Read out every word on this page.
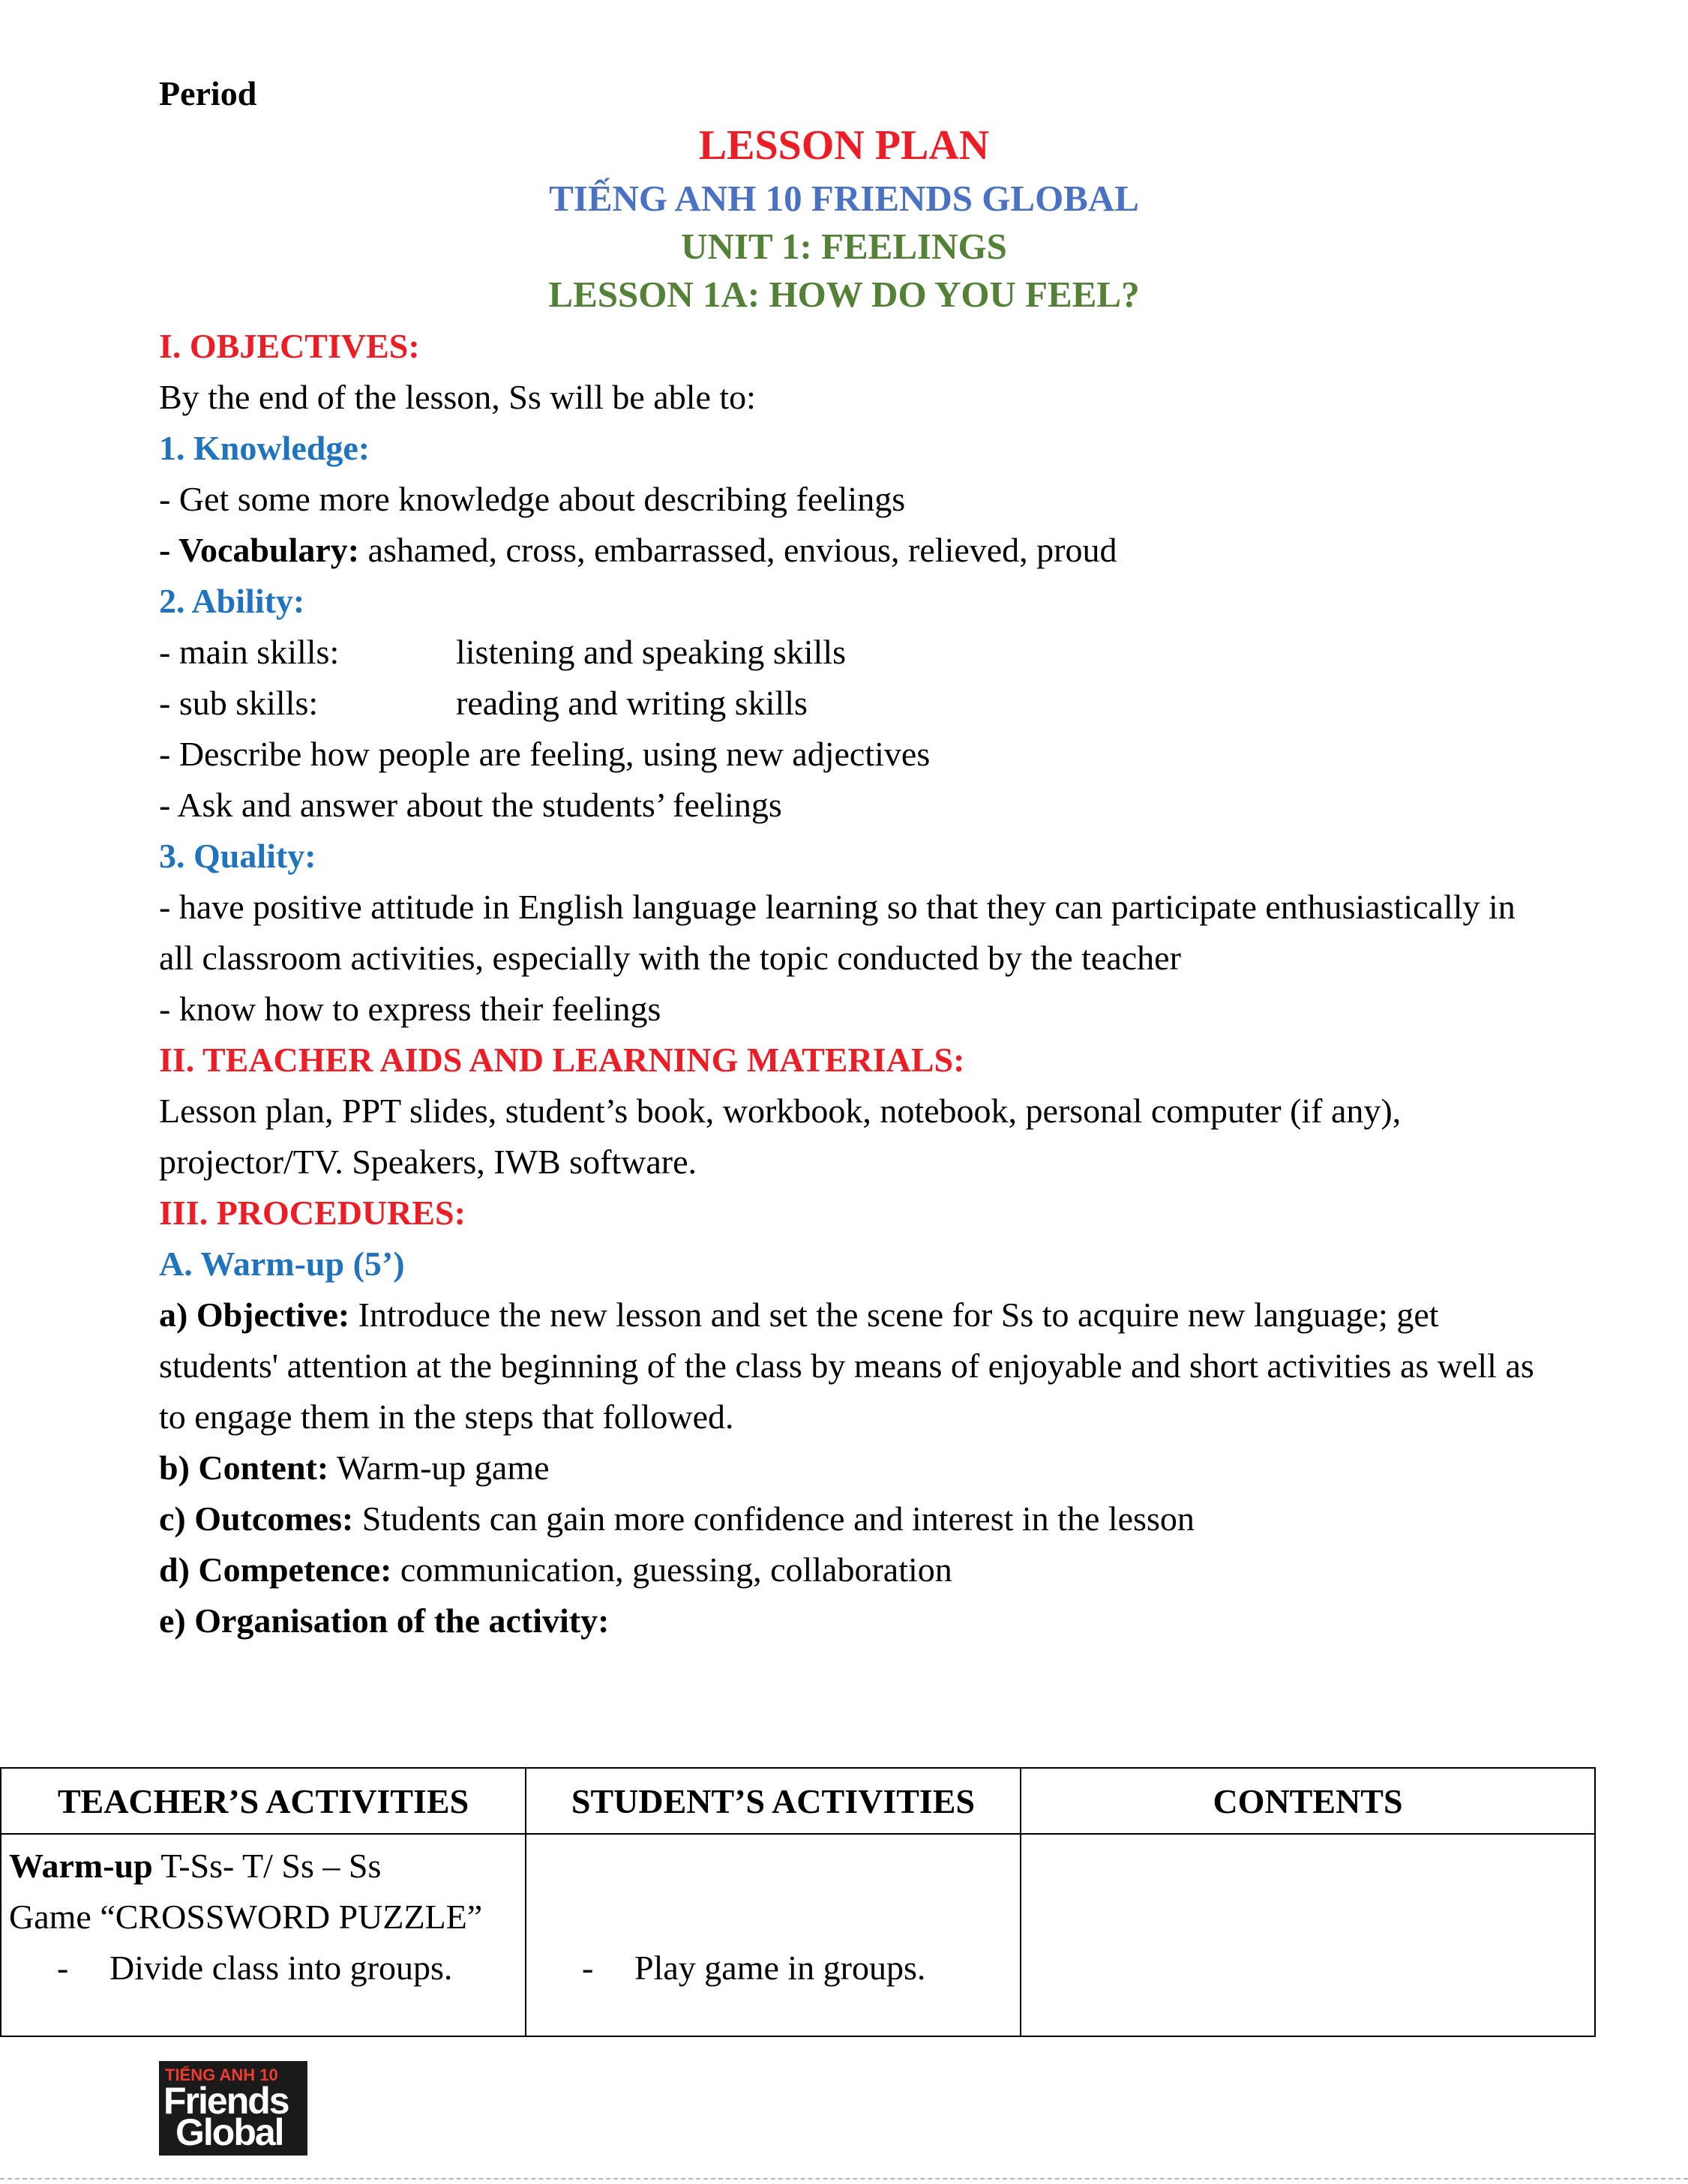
Period
LESSON PLAN
TIẾNG ANH 10 FRIENDS GLOBAL
UNIT 1: FEELINGS
LESSON 1A: HOW DO YOU FEEL?

I. OBJECTIVES:

By the end of the lesson, Ss will be able to:

1. Knowledge:

- Get some more knowledge about describing feelings

- Vocabulary: ashamed, cross, embarrassed, envious, relieved, proud

2. Ability:

- main skills:	listening and speaking skills

- sub skills:	reading and writing skills

- Describe how people are feeling, using new adjectives

- Ask and answer about the students’ feelings

3. Quality:

- have positive attitude in English language learning so that they can participate enthusiastically in all classroom activities, especially with the topic conducted by the teacher

- know how to express their feelings

II. TEACHER AIDS AND LEARNING MATERIALS:

Lesson plan, PPT slides, student’s book, workbook, notebook, personal computer (if any), projector/TV. Speakers, IWB software.

III. PROCEDURES:

A. Warm-up (5’)

a) Objective: Introduce the new lesson and set the scene for Ss to acquire new language; get students' attention at the beginning of the class by means of enjoyable and short activities as well as to engage them in the steps that followed.

b) Content: Warm-up game

c) Outcomes: Students can gain more confidence and interest in the lesson

d) Competence: communication, guessing, collaboration

e) Organisation of the activity:

TEACHER’S ACTIVITIES	STUDENT’S ACTIVITIES	CONTENTS

Warm-up T-Ss- T/ Ss – Ss
Game “CROSSWORD PUZZLE”
- Divide class into groups.	- Play game in groups.	

TIẾNG ANH 10
Friends
Global
